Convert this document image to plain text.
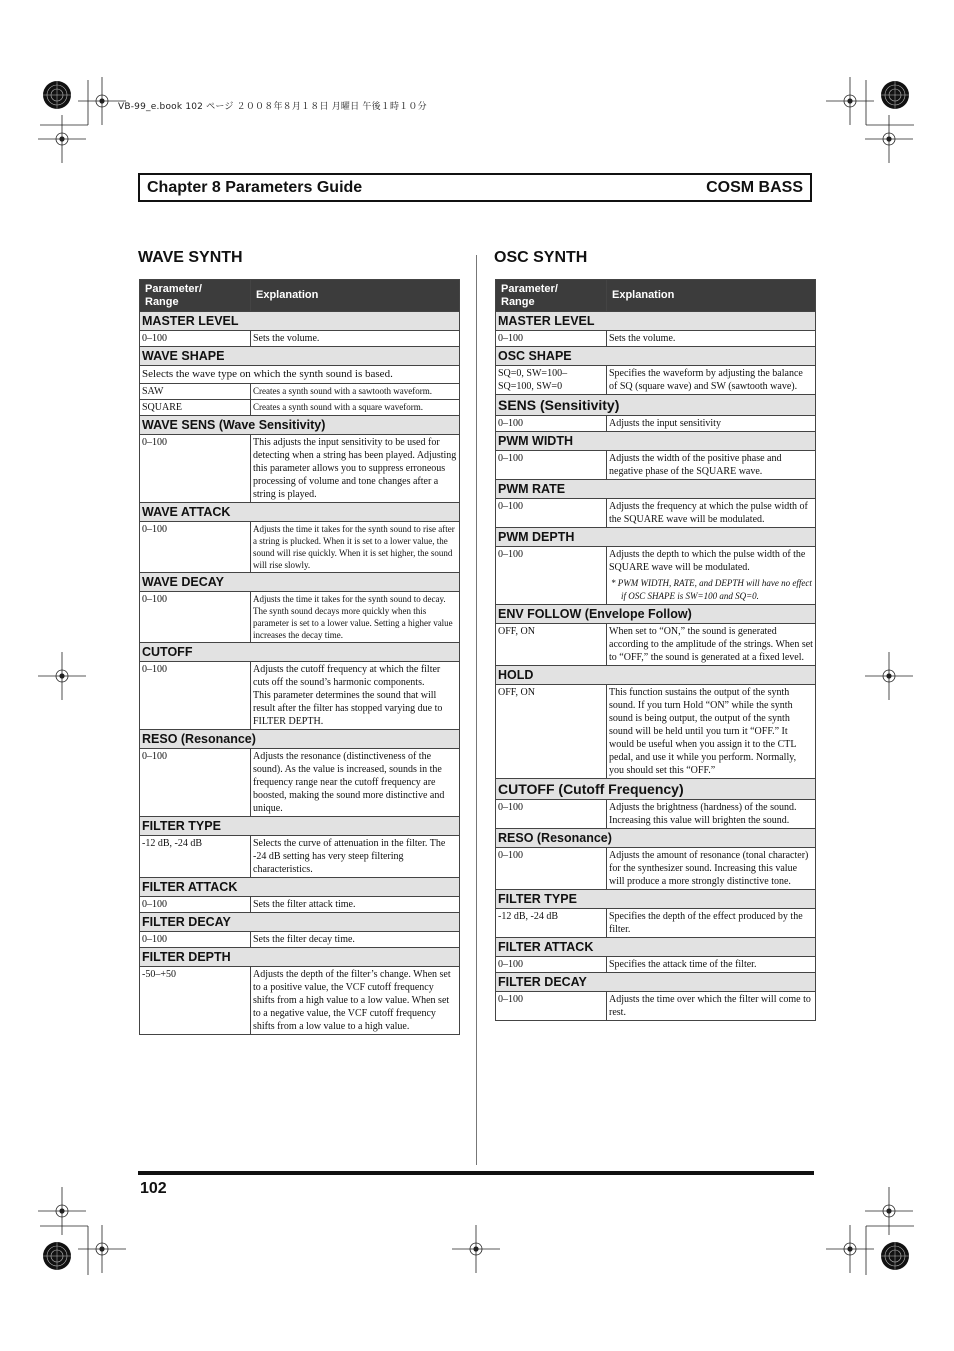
VB-99_e.book 102 ページ ２００８年８月１８日 月曜日 午後１時１０分
Chapter 8 Parameters Guide	COSM BASS
WAVE SYNTH	OSC SYNTH
Parameter/
Range	Explanation
MASTER LEVEL	
0–100	Sets the volume.
WAVE SHAPE	
Selects the wave type on which the synth sound is based.	
SAW	Creates a synth sound with a sawtooth waveform.
SQUARE	Creates a synth sound with a square waveform.
WAVE SENS (Wave Sensitivity)	
0–100	This adjusts the input sensitivity to be used for detecting when a string has been played. Adjusting this parameter allows you to suppress erroneous processing of volume and tone changes after a string is played.
WAVE ATTACK	
0–100	Adjusts the time it takes for the synth sound to rise after a string is plucked. When it is set to a lower value, the sound will rise quickly. When it is set higher, the sound will rise slowly.
WAVE DECAY	
0–100	Adjusts the time it takes for the synth sound to decay. The synth sound decays more quickly when this parameter is set to a lower value. Setting a higher value increases the decay time.
CUTOFF	
0–100	Adjusts the cutoff frequency at which the filter cuts off the sound’s harmonic components.
This parameter determines the sound that will result after the filter has stopped varying due to FILTER DEPTH.
RESO (Resonance)	
0–100	Adjusts the resonance (distinctiveness of the sound). As the value is increased, sounds in the frequency range near the cutoff frequency are boosted, making the sound more distinctive and unique.
FILTER TYPE	
-12 dB, -24 dB	Selects the curve of attenuation in the filter. The -24 dB setting has very steep filtering characteristics.
FILTER ATTACK	
0–100	Sets the filter attack time.
FILTER DECAY	
0–100	Sets the filter decay time.
FILTER DEPTH	
-50–+50	Adjusts the depth of the filter’s change. When set to a positive value, the VCF cutoff frequency shifts from a high value to a low value. When set to a negative value, the VCF cutoff frequency shifts from a low value to a high value.
Parameter/
Range	Explanation
MASTER LEVEL	
0–100	Sets the volume.
OSC SHAPE	
SQ=0, SW=100– SQ=100, SW=0	Specifies the waveform by adjusting the balance of SQ (square wave) and SW (sawtooth wave).
SENS (Sensitivity)	
0–100	Adjusts the input sensitivity
PWM WIDTH	
0–100	Adjusts the width of the positive phase and negative phase of the SQUARE wave.
PWM RATE	
0–100	Adjusts the frequency at which the pulse width of the SQUARE wave will be modulated.
PWM DEPTH	
0–100	Adjusts the depth to which the pulse width of the SQUARE wave will be modulated.
* PWM WIDTH, RATE, and DEPTH will have no effect if OSC SHAPE is SW=100 and SQ=0.

ENV FOLLOW (Envelope Follow)	
OFF, ON	When set to “ON,” the sound is generated according to the amplitude of the strings. When set to “OFF,” the sound is generated at a fixed level.
HOLD	
OFF, ON	This function sustains the output of the synth sound. If you turn Hold “ON” while the synth sound is being output, the output of the synth sound will be held until you turn it “OFF.” It would be useful when you assign it to the CTL pedal, and use it while you perform. Normally, you should set this “OFF.”
CUTOFF (Cutoff Frequency)	
0–100	Adjusts the brightness (hardness) of the sound. Increasing this value will brighten the sound.
RESO (Resonance)	
0–100	Adjusts the amount of resonance (tonal character) for the synthesizer sound. Increasing this value will produce a more strongly distinctive tone.
FILTER TYPE	
-12 dB, -24 dB	Specifies the depth of the effect produced by the filter.
FILTER ATTACK	
0–100	Specifies the attack time of the filter.
FILTER DECAY	
0–100	Adjusts the time over which the filter will come to rest.
102
